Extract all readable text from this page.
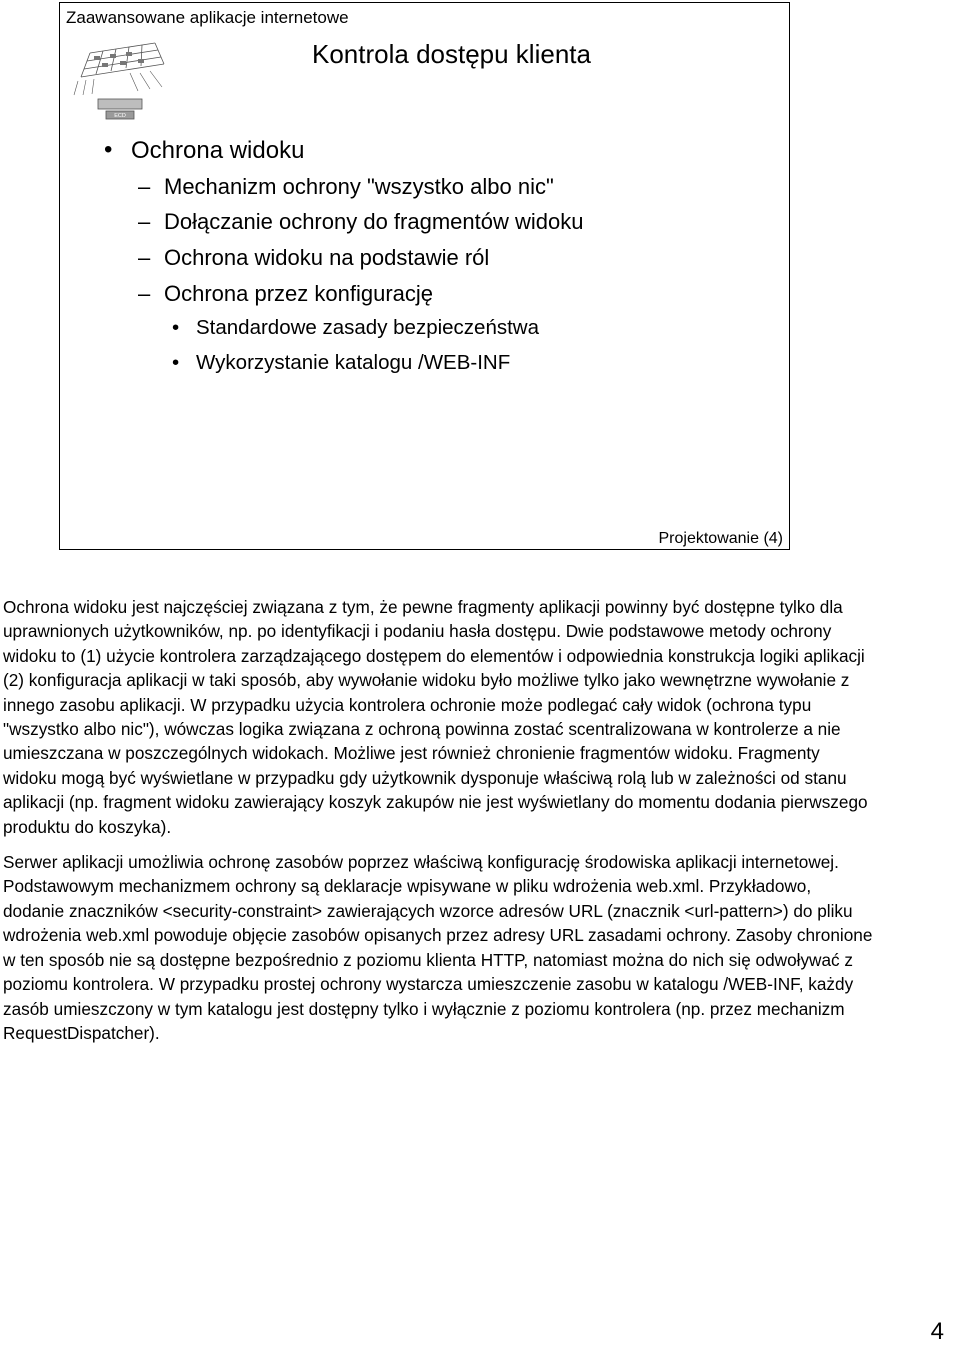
Zaawansowane aplikacje internetowe
ECD
Kontrola dostępu klienta
• Ochrona widoku
– Mechanizm ochrony "wszystko albo nic"
– Dołączanie ochrony do fragmentów widoku
– Ochrona widoku na podstawie ról
– Ochrona przez konfigurację
• Standardowe zasady bezpieczeństwa
• Wykorzystanie katalogu /WEB-INF
Projektowanie (4)

Ochrona widoku jest najczęściej związana z tym, że pewne fragmenty aplikacji powinny być dostępne tylko dla uprawnionych użytkowników, np. po identyfikacji i podaniu hasła dostępu. Dwie podstawowe metody ochrony widoku to (1) użycie kontrolera zarządzającego dostępem do elementów i odpowiednia konstrukcja logiki aplikacji (2) konfiguracja aplikacji w taki sposób, aby wywołanie widoku było możliwe tylko jako wewnętrzne wywołanie z innego zasobu aplikacji. W przypadku użycia kontrolera ochronie może podlegać cały widok (ochrona typu "wszystko albo nic"), wówczas logika związana z ochroną powinna zostać scentralizowana w kontrolerze a nie umieszczana w poszczególnych widokach. Możliwe jest również chronienie fragmentów widoku. Fragmenty widoku mogą być wyświetlane w przypadku gdy użytkownik dysponuje właściwą rolą lub w zależności od stanu aplikacji (np. fragment widoku zawierający koszyk zakupów nie jest wyświetlany do momentu dodania pierwszego produktu do koszyka).

Serwer aplikacji umożliwia ochronę zasobów poprzez właściwą konfigurację środowiska aplikacji internetowej. Podstawowym mechanizmem ochrony są deklaracje wpisywane w pliku wdrożenia web.xml. Przykładowo, dodanie znaczników <security-constraint> zawierających wzorce adresów URL (znacznik <url-pattern>) do pliku wdrożenia web.xml powoduje objęcie zasobów opisanych przez adresy URL zasadami ochrony. Zasoby chronione w ten sposób nie są dostępne bezpośrednio z poziomu klienta HTTP, natomiast można do nich się odwoływać z poziomu kontrolera. W przypadku prostej ochrony wystarcza umieszczenie zasobu w katalogu /WEB-INF, każdy zasób umieszczony w tym katalogu jest dostępny tylko i wyłącznie z poziomu kontrolera (np. przez mechanizm RequestDispatcher).

4
